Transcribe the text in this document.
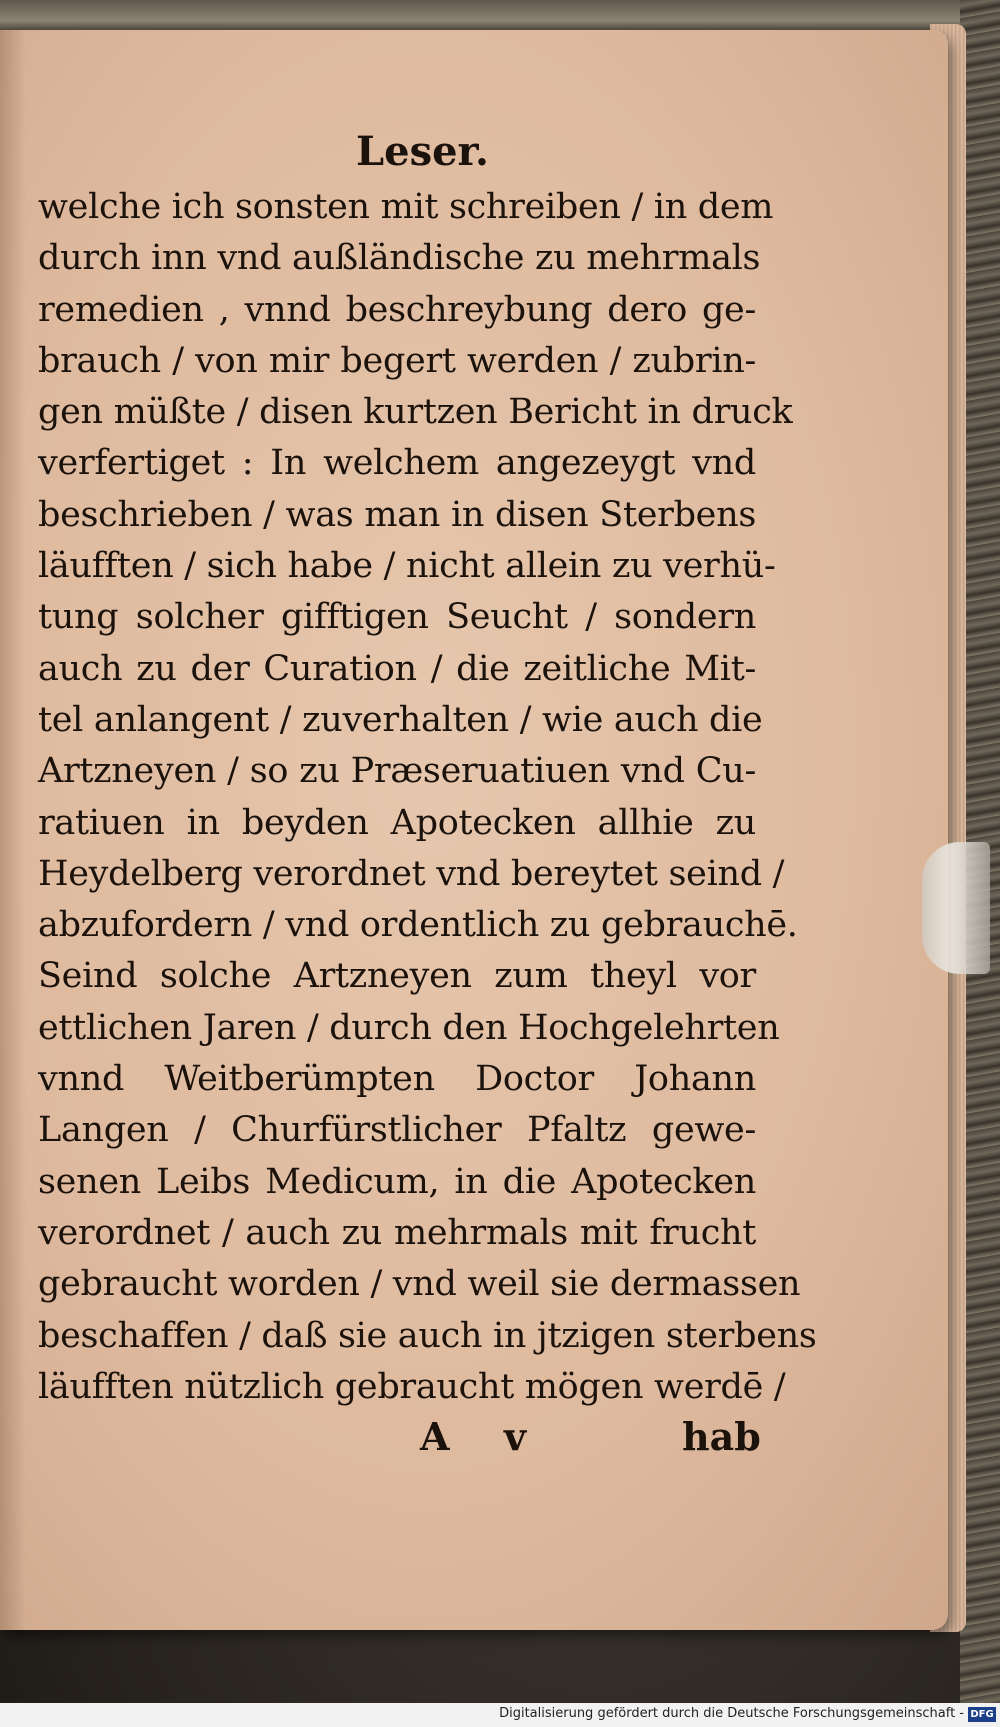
Leser.
welche ich sonsten mit schreiben / in dem
durch inn vnd außländische zu mehrmals
remedien , vnnd beschreybung dero ge-
brauch / von mir begert werden / zubrin-
gen müßte / disen kurtzen Bericht in druck
verfertiget : In welchem angezeygt vnd
beschrieben / was man in disen Sterbens
läufften / sich habe / nicht allein zu verhü-
tung solcher gifftigen Seucht / sondern
auch zu der Curation / die zeitliche Mit-
tel anlangent / zuverhalten / wie auch die
Artzneyen / so zu Præseruatiuen vnd Cu-
ratiuen in beyden Apotecken allhie zu
Heydelberg verordnet vnd bereytet seind /
abzufordern / vnd ordentlich zu gebrauchē.
Seind solche Artzneyen zum theyl vor
ettlichen Jaren / durch den Hochgelehrten
vnnd Weitberümpten Doctor Johann
Langen / Churfürstlicher Pfaltz gewe-
senen Leibs Medicum, in die Apotecken
verordnet / auch zu mehrmals mit frucht
gebraucht worden / vnd weil sie dermassen
beschaffen / daß sie auch in jtzigen sterbens
läufften nützlich gebraucht mögen werdē /
A v	hab
Digitalisierung gefördert durch die Deutsche Forschungsgemeinschaft - DFG
